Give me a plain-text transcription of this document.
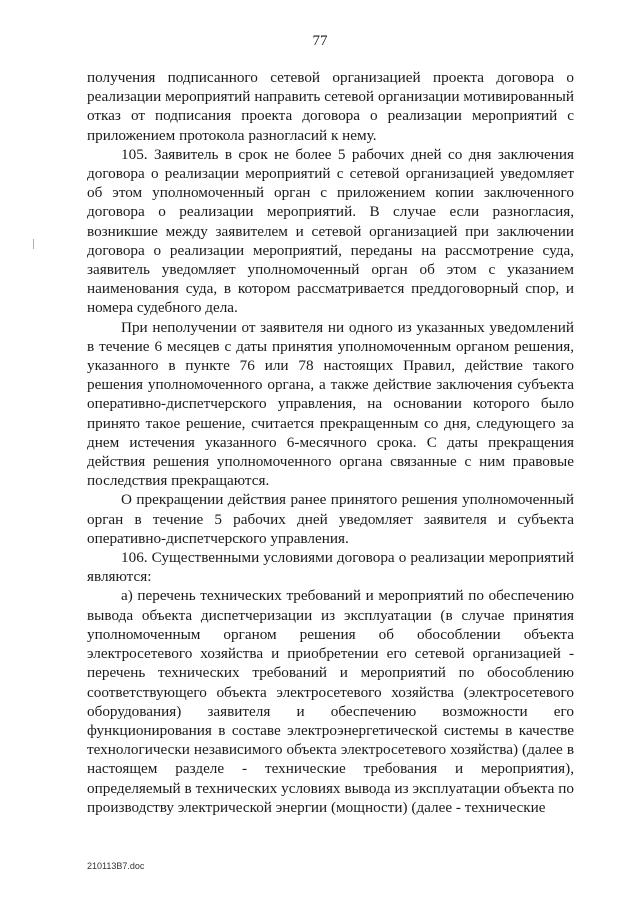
77

получения подписанного сетевой организацией проекта договора о реализации мероприятий направить сетевой организации мотивированный отказ от подписания проекта договора о реализации мероприятий с приложением протокола разногласий к нему.

105. Заявитель в срок не более 5 рабочих дней со дня заключения договора о реализации мероприятий с сетевой организацией уведомляет об этом уполномоченный орган с приложением копии заключенного договора о реализации мероприятий. В случае если разногласия, возникшие между заявителем и сетевой организацией при заключении договора о реализации мероприятий, переданы на рассмотрение суда, заявитель уведомляет уполномоченный орган об этом с указанием наименования суда, в котором рассматривается преддоговорный спор, и номера судебного дела.

При неполучении от заявителя ни одного из указанных уведомлений в течение 6 месяцев с даты принятия уполномоченным органом решения, указанного в пункте 76 или 78 настоящих Правил, действие такого решения уполномоченного органа, а также действие заключения субъекта оперативно-диспетчерского управления, на основании которого было принято такое решение, считается прекращенным со дня, следующего за днем истечения указанного 6-месячного срока. С даты прекращения действия решения уполномоченного органа связанные с ним правовые последствия прекращаются.

О прекращении действия ранее принятого решения уполномоченный орган в течение 5 рабочих дней уведомляет заявителя и субъекта оперативно-диспетчерского управления.

106. Существенными условиями договора о реализации мероприятий являются:

а) перечень технических требований и мероприятий по обеспечению вывода объекта диспетчеризации из эксплуатации (в случае принятия уполномоченным органом решения об обособлении объекта электросетевого хозяйства и приобретении его сетевой организацией - перечень технических требований и мероприятий по обособлению соответствующего объекта электросетевого хозяйства (электросетевого оборудования) заявителя и обеспечению возможности его функционирования в составе электроэнергетической системы в качестве технологически независимого объекта электросетевого хозяйства) (далее в настоящем разделе - технические требования и мероприятия), определяемый в технических условиях вывода из эксплуатации объекта по производству электрической энергии (мощности) (далее - технические

210113В7.doc
